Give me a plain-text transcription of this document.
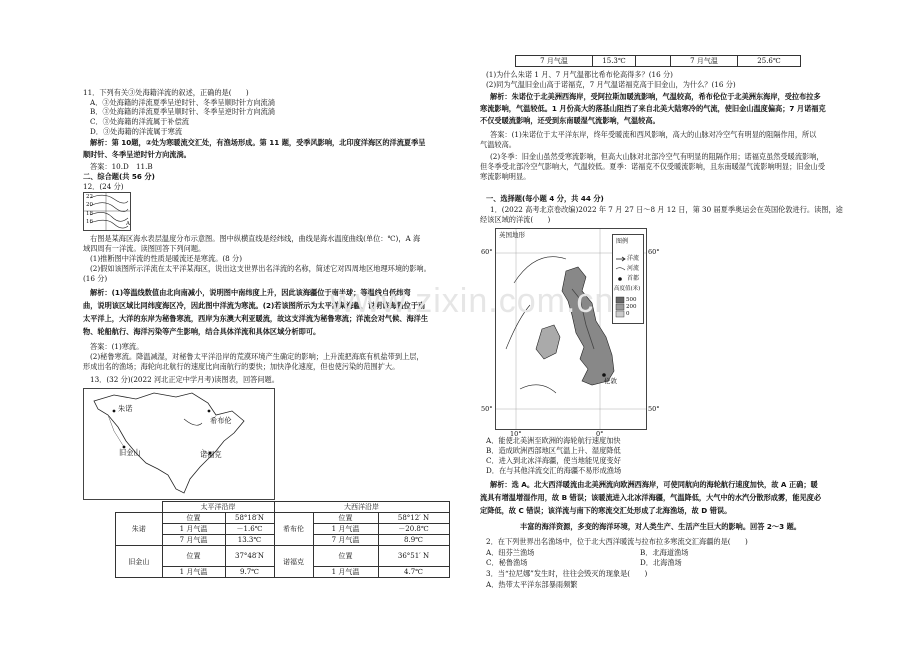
11．下列有关③处海籍洋流的叙述，正确的是(　　)
A．③处海籍的洋流夏季呈逆时针、冬季呈顺时针方向流淌
B．③处海籍的洋流夏季呈顺时针、冬季呈逆时针方向流淌
C．③处海籍的洋流属于补偿流
D．③处海籍的洋流属于寒流
解析：第 10题，②处为寒暖流交汇处，有渔场形成。第 11 题，受季风影响，北印度洋海区的洋流夏季呈
顺时针、冬季呈逆时针方向流淌。
答案：10.D　11.B
二、综合题(共 56 分)
12．(24 分)
22
20
18
16	A
右图是某海区海水表层温度分布示意图。图中纵横直线是经纬线，曲线是海水温度曲线(单位：℃)，A 海
域四周有一洋流。读图回答下列问题。
(1)推断图中洋流的性质是暖流还是寒流。(8 分)
(2)假如该图所示洋流在太平洋某海区，说出这支世界出名洋流的名称，简述它对四周地区地理环境的影响。
(16 分)
解析：(1)等温线数值由北向南减小，说明图中南纬度上升，因此该海疆位于南半球；等温线自低纬弯
曲，说明该区域比同纬度海区冷，因此图中洋流为寒流。(2)若该图所示为太平洋某海疆，说明该海疆位于南
太平洋上，大洋的东岸为秘鲁寒流，西岸为东澳大利亚暖流，故这支洋流为秘鲁寒流；洋流会对气候、海洋生
物、轮船航行、海洋污染等产生影响，结合具体洋流和具体区域分析即可。
答案：(1)寒流。
(2)秘鲁寒流。降温减湿，对秘鲁太平洋沿岸的荒漠环境产生确定的影响；上升流把海底有机盐带到上层，
形成出名的渔场；海轮向北航行的速度比向南航行的要快；加快净化速度，但也使污染的范围扩大。
13．(32 分)(2022 河北正定中学月考)读图表，回答问题。
朱诺
希布伦
旧金山	诺福克
	太平洋沿岸		大西洋沿岸		
朱诺	位置	58°18′N	希布伦	位置	58°12′ N
	1 月气温	－1.6℃		1 月气温	－20.8℃
	7 月气温	13.3℃		7 月气温	8.9℃
旧金山	位置	37°48′N	诺福克	位置	36°51′ N
	1 月气温	9.7℃		1 月气温	4.7℃
7 月气温	15.3℃		7 月气温	25.6℃
(1)为什么朱诺 1 月、7 月气温都比希布伦高得多？(16 分)
(2)同为气温旧金山高于诺福克，7 月气温诺福克高于旧金山，为什么？(16 分)
解析：朱诺位于北美洲西海岸，受阿拉斯加暖流影响，气温较高，希布伦位于北美洲东海岸，受拉布拉多
寒流影响，气温较低。1 月份高大的落基山阻挡了来自北美大陆寒冷的气流，使旧金山温度偏高；7 月诺福克
不仅受暖流影响，还受到东南暖湿气流影响，气温较高。
答案：(1)朱诺位于太平洋东岸，终年受暖流和西风影响，高大的山脉对冷空气有明显的阻隔作用，所以
气温较高。
(2)冬季：旧金山虽然受寒流影响，但高大山脉对北部冷空气有明显的阻隔作用；诺福克虽然受暖流影响，
但冬季受北部冷空气影响大，气温较低。夏季：诺福克不仅受暖流影响，且东南暖湿气流影响明显；旧金山受
寒流影响明显。
一、选择题(每小题 4 分，共 44 分)
1．(2022 高考北京卷改编)2022 年 7 月 27 日～8 月 12 日，第 30 届夏季奥运会在英国伦敦进行。读图，途
经该区域的洋流(　　)
英国地形
60°	60°
50°	50°
10°	0°
伦敦
图例
洋流
河流
首都
高度值(米)
500
200
0
A．能使北美洲至欧洲的海轮航行速度加快
B．造成欧洲西部地区气温上升、湿度降低
C．进入到北冰洋海疆，使当地能见度变好
D．在与其他洋流交汇的海疆不易形成渔场
解析：选 A。北大西洋暖流由北美洲流向欧洲西海岸，可使同航向的海轮航行速度加快，故 A 正确；暖
流具有增温增湿作用，故 B 错误；该暖流进入北冰洋海疆，气温降低，大气中的水汽分散形成雾，能见度必
定降低，故 C 错误；该洋流与南下的寒流交汇处形成了北海渔场，故 D 错误。
丰富的海洋资源，多变的海洋环境，对人类生产、生活产生巨大的影响。回答 2～3 题。
2．在下列世界出名渔场中，位于北大西洋暖流与拉布拉多寒流交汇海疆的是(　　)
A．纽芬兰渔场	B．北海道渔场
C．秘鲁渔场	D．北海渔场
3．当“拉尼娜”发生时，往往会毁灭的现象是(　　)
A．热带太平洋东部暴雨频繁
www.zixin.com.cn
